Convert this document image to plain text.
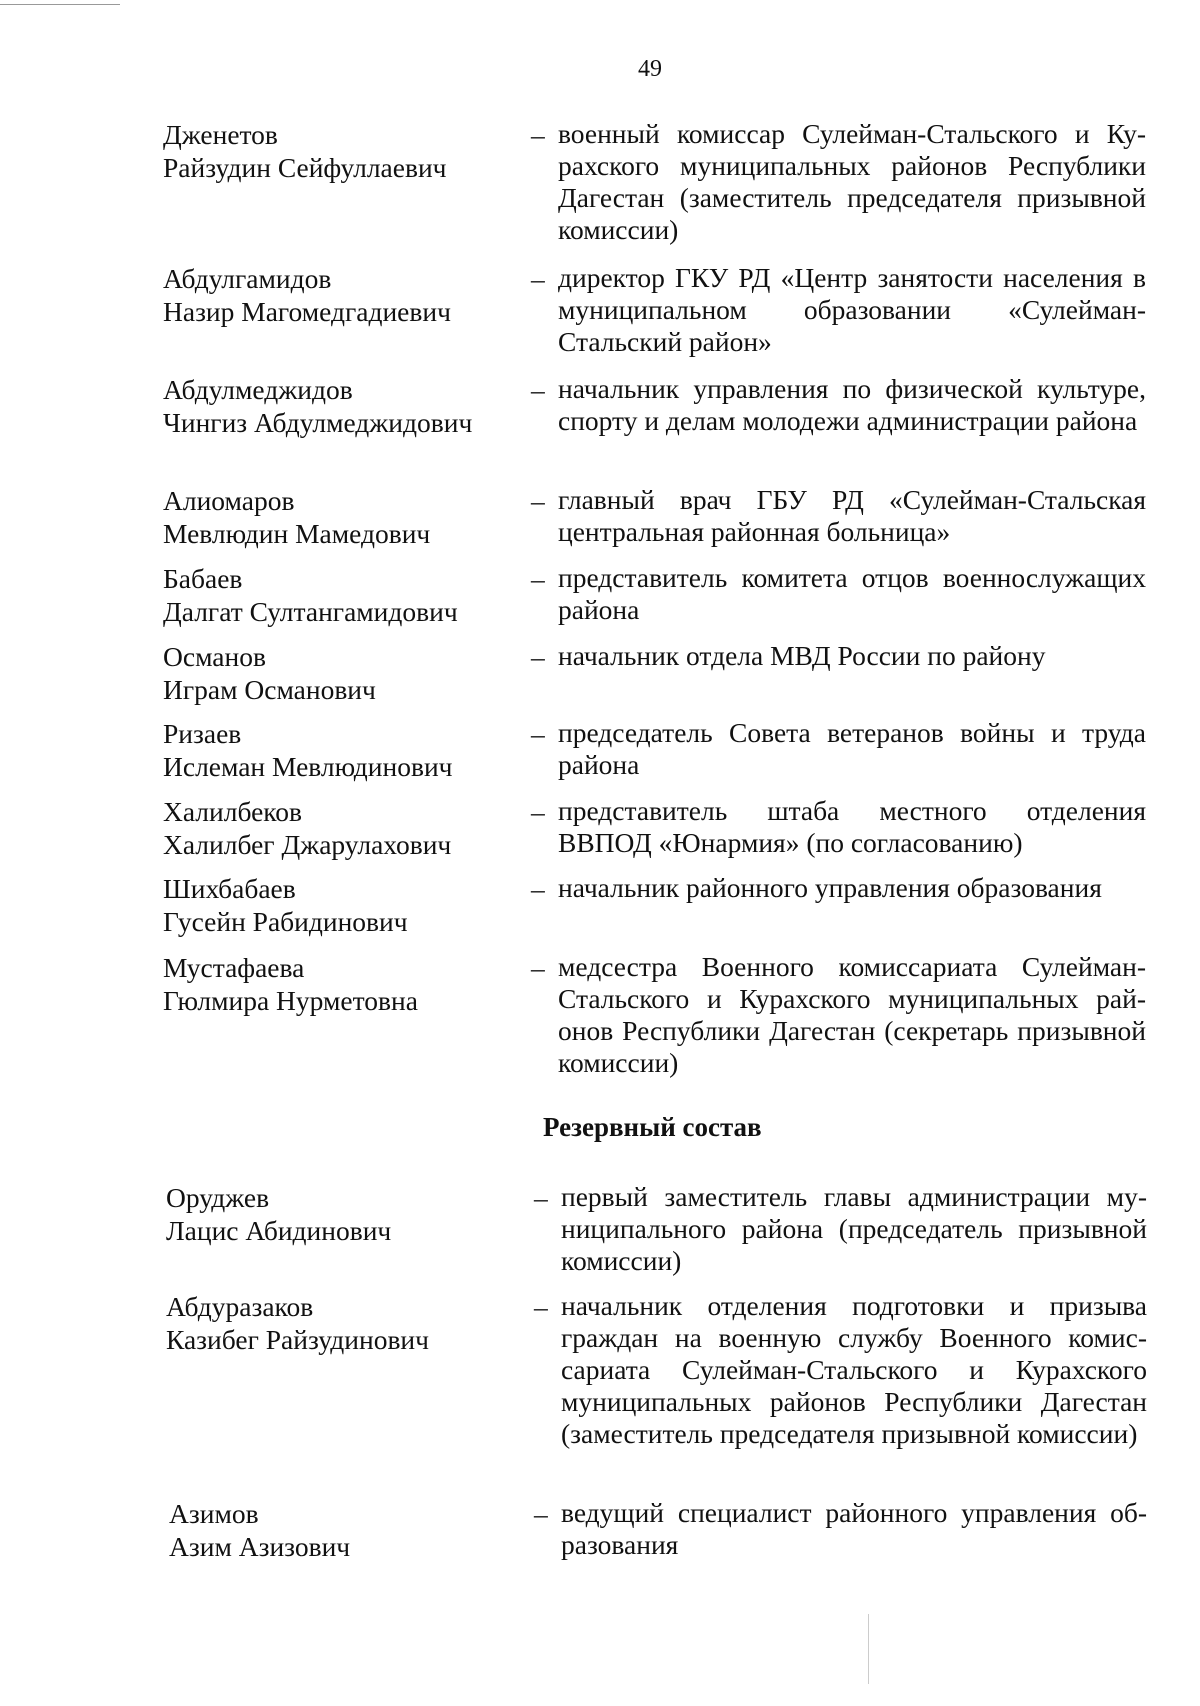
49
Дженетов
Райзудин Сейфуллаевич
– военный комиссар Сулейман-Стальского и Курахского муниципальных районов Республики Дагестан (заместитель председателя призывной комиссии)
Абдулгамидов
Назир Магомедгадиевич
– директор ГКУ РД «Центр занятости населения в муниципальном образовании «Сулейман-Стальский район»
Абдулмеджидов
Чингиз Абдулмеджидович
– начальник управления по физической культуре, спорту и делам молодежи администрации района
Алиомаров
Мевлюдин Мамедович
– главный врач ГБУ РД «Сулейман-Стальская центральная районная больница»
Бабаев
Далгат Султангамидович
– представитель комитета отцов военнослужащих района
Османов
Играм Османович
– начальник отдела МВД России по району
Ризаев
Ислеман Мевлюдинович
– председатель Совета ветеранов войны и труда района
Халилбеков
Халилбег Джарулахович
– представитель штаба местного отделения ВВПОД «Юнармия» (по согласованию)
Шихбабаев
Гусейн Рабидинович
– начальник районного управления образования
Мустафаева
Гюлмира Нурметовна
– медсестра Военного комиссариата Сулейман-Стальского и Курахского муниципальных районов Республики Дагестан (секретарь призывной комиссии)
Резервный состав
Оруджев
Лацис Абидинович
– первый заместитель главы администрации муниципального района (председатель призывной комиссии)
Абдуразаков
Казибег Райзудинович
– начальник отделения подготовки и призыва граждан на военную службу Военного комиссариата Сулейман-Стальского и Курахского муниципальных районов Республики Дагестан (заместитель председателя призывной комиссии)
Азимов
Азим Азизович
– ведущий специалист районного управления образования
